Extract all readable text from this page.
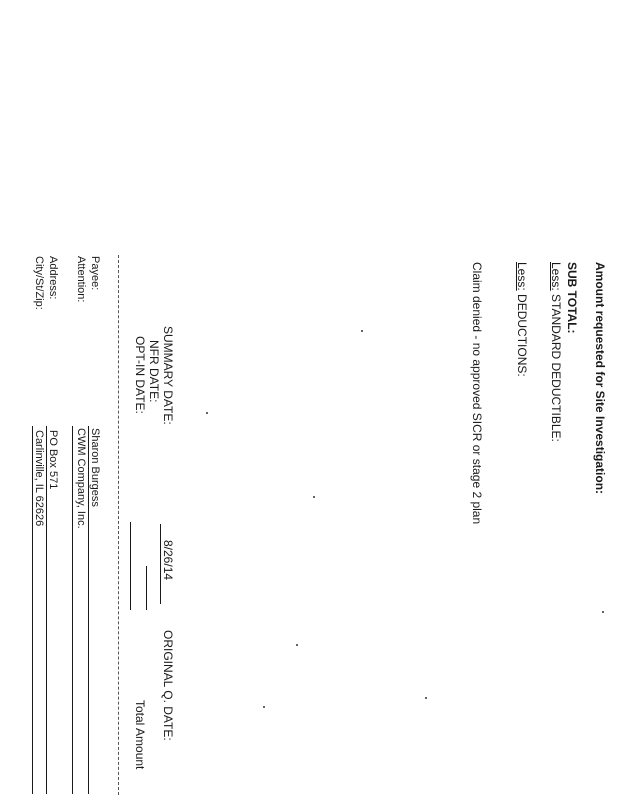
Amount requested for Site Investigation:
SUB TOTAL:
Less: STANDARD DEDUCTIBLE:
Less: DEDUCTIONS:
Claim denied - no approved SICR or stage 2 plan
SUMMARY DATE:
8/26/14
NFR DATE:
OPT-IN DATE:
ORIGINAL Q. DATE:
Total Amount
Payee:
Sharon Burgess
Attention:
CWM Company, Inc.
Address:
PO Box 571
City/St/Zip:
Carlinville, IL 62626
